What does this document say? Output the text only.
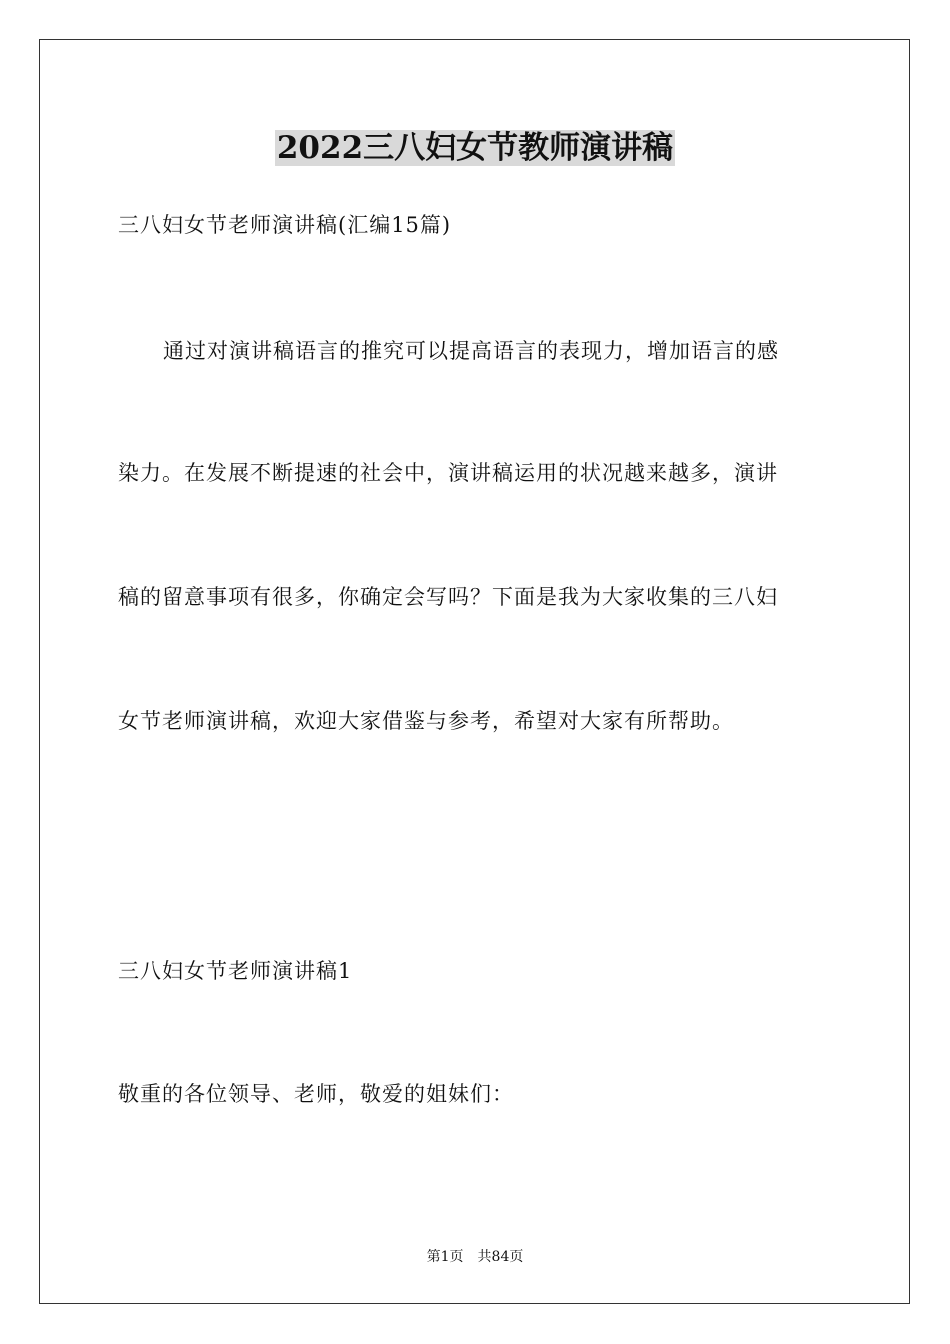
2022三八妇女节教师演讲稿
三八妇女节老师演讲稿(汇编15篇)
通过对演讲稿语言的推究可以提高语言的表现力，增加语言的感
染力。在发展不断提速的社会中，演讲稿运用的状况越来越多，演讲
稿的留意事项有很多，你确定会写吗？下面是我为大家收集的三八妇
女节老师演讲稿，欢迎大家借鉴与参考，希望对大家有所帮助。
三八妇女节老师演讲稿1
敬重的各位领导、老师，敬爱的姐妹们：
第1页 共84页
